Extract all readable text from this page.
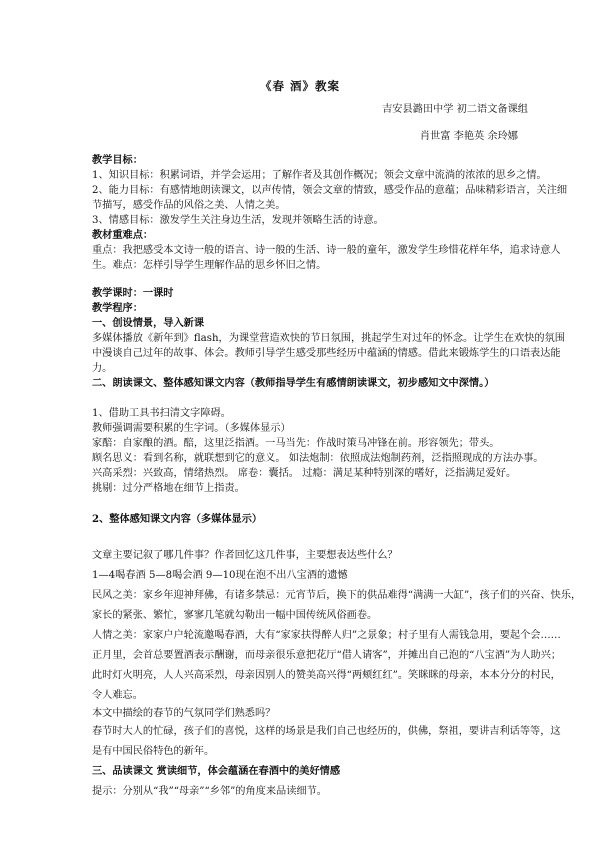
《春 酒》教案
吉安县潞田中学 初二语文备课组
肖世富 李艳英 余玲娜
教学目标：
1、知识目标：积累词语，并学会运用；了解作者及其创作概况；领会文章中流淌的浓浓的思乡之情。
2、能力目标：有感情地朗读课文，以声传情，领会文章的情致，感受作品的意蕴；品味精彩语言，关注细
节描写，感受作品的风俗之美、人情之美。
3、情感目标：激发学生关注身边生活，发现并领略生活的诗意。
教材重难点：
重点：我把感受本文诗一般的语言、诗一般的生活、诗一般的童年，激发学生珍惜花样年华，追求诗意人
生。难点：怎样引导学生理解作品的思乡怀旧之情。
教学课时：一课时
教学程序：
一、创设情景，导入新课
多媒体播放《新年到》flash，为课堂营造欢快的节日氛围，挑起学生对过年的怀念。让学生在欢快的氛围
中漫谈自己过年的故事、体会。教师引导学生感受那些经历中蕴涵的情感。借此来锻炼学生的口语表达能
力。
二、朗读课文、整体感知课文内容（教师指导学生有感情朗读课文，初步感知文中深情。）
1、借助工具书扫清文字障碍。
教师强调需要积累的生字词。（多媒体显示）
家醅：自家酿的酒。醅，这里泛指酒。一马当先：作战时策马冲锋在前。形容领先；带头。
顾名思义：看到名称，就联想到它的意义。 如法炮制：依照成法炮制药剂，泛指照现成的方法办事。
兴高采烈：兴致高，情绪热烈。 席卷：囊括。 过瘾：满足某种特别深的嗜好，泛指满足爱好。
挑剔：过分严格地在细节上指责。
2、整体感知课文内容（多媒体显示）
文章主要记叙了哪几件事？作者回忆这几件事，主要想表达些什么？
1—4喝春酒 5—8喝会酒 9—10现在泡不出八宝酒的遗憾
民风之美：家乡年迎神拜佛，有诸多禁忌：元宵节后，换下的供品难得“满满一大缸”，孩子们的兴奋、快乐，
家长的紧张、繁忙，寥寥几笔就勾勒出一幅中国传统风俗画卷。
人情之美：家家户户轮流邀喝春酒，大有“家家扶得醉人归”之景象；村子里有人需钱急用，要起个会……
正月里，会首总要置酒表示酬谢，而母亲很乐意把花厅“借人请客”，并摊出自己泡的“八宝酒”为人助兴；
此时灯火明亮，人人兴高采烈，母亲因别人的赞美高兴得“两颊红红”。笑眯眯的母亲，本本分分的村民，
令人难忘。
本文中描绘的春节的气氛同学们熟悉吗？
春节时大人的忙碌，孩子们的喜悦，这样的场景是我们自己也经历的，供佛，祭祖，要讲吉利话等等，这
是有中国民俗特色的新年。
三、品读课文 赏读细节，体会蕴涵在春酒中的美好情感
提示：分别从“我”“母亲”“乡邻”的角度来品读细节。
